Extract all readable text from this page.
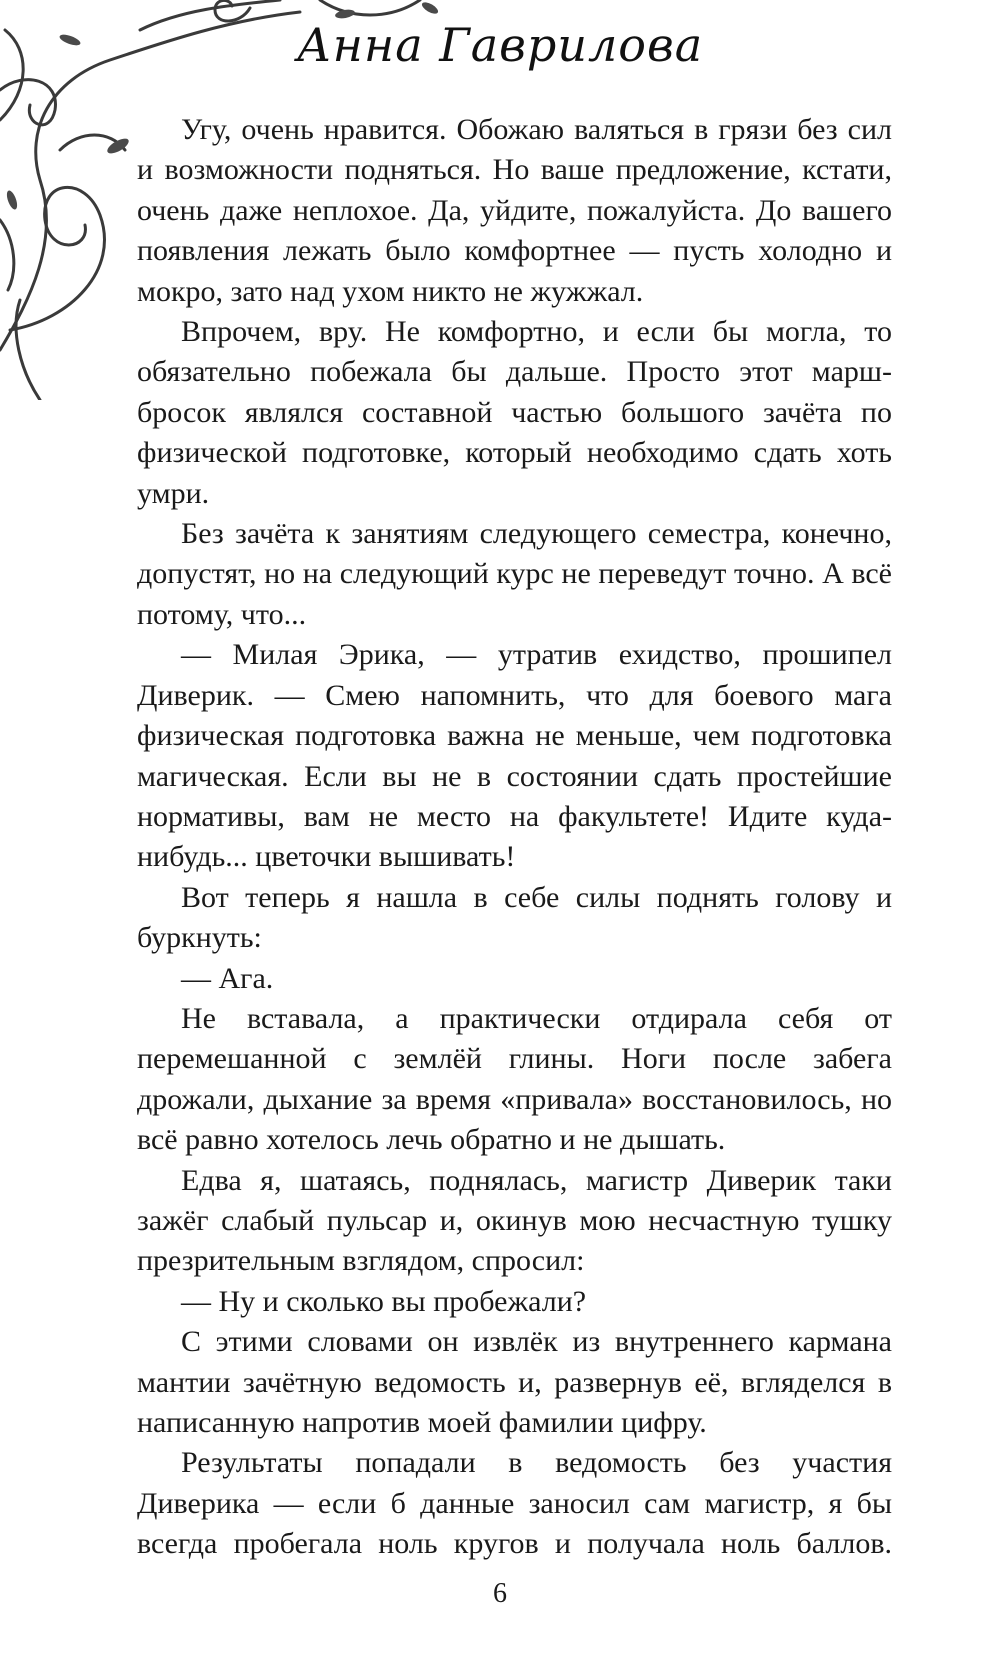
Анна Гаврилова

Угу, очень нравится. Обожаю валяться в грязи без сил и возможности подняться. Но ваше предложение, кстати, очень даже неплохое. Да, уйдите, пожалуйста. До вашего появления лежать было комфортнее — пусть холодно и мокро, зато над ухом никто не жужжал.

Впрочем, вру. Не комфортно, и если бы могла, то обязательно побежала бы дальше. Просто этот марш-бросок являлся составной частью большого зачёта по физической подготовке, который необходимо сдать хоть умри.

Без зачёта к занятиям следующего семестра, конечно, допустят, но на следующий курс не переведут точно. А всё потому, что...

— Милая Эрика, — утратив ехидство, прошипел Диверик. — Смею напомнить, что для боевого мага физическая подготовка важна не меньше, чем подготовка магическая. Если вы не в состоянии сдать простейшие нормативы, вам не место на факультете! Идите куда-нибудь... цветочки вышивать!

Вот теперь я нашла в себе силы поднять голову и буркнуть:

— Ага.

Не вставала, а практически отдирала себя от перемешанной с землёй глины. Ноги после забега дрожали, дыхание за время «привала» восстановилось, но всё равно хотелось лечь обратно и не дышать.

Едва я, шатаясь, поднялась, магистр Диверик таки зажёг слабый пульсар и, окинув мою несчастную тушку презрительным взглядом, спросил:

— Ну и сколько вы пробежали?

С этими словами он извлёк из внутреннего кармана мантии зачётную ведомость и, развернув её, вгляделся в написанную напротив моей фамилии цифру.

Результаты попадали в ведомость без участия Диверика — если б данные заносил сам магистр, я бы всегда пробегала ноль кругов и получала ноль баллов.

6
